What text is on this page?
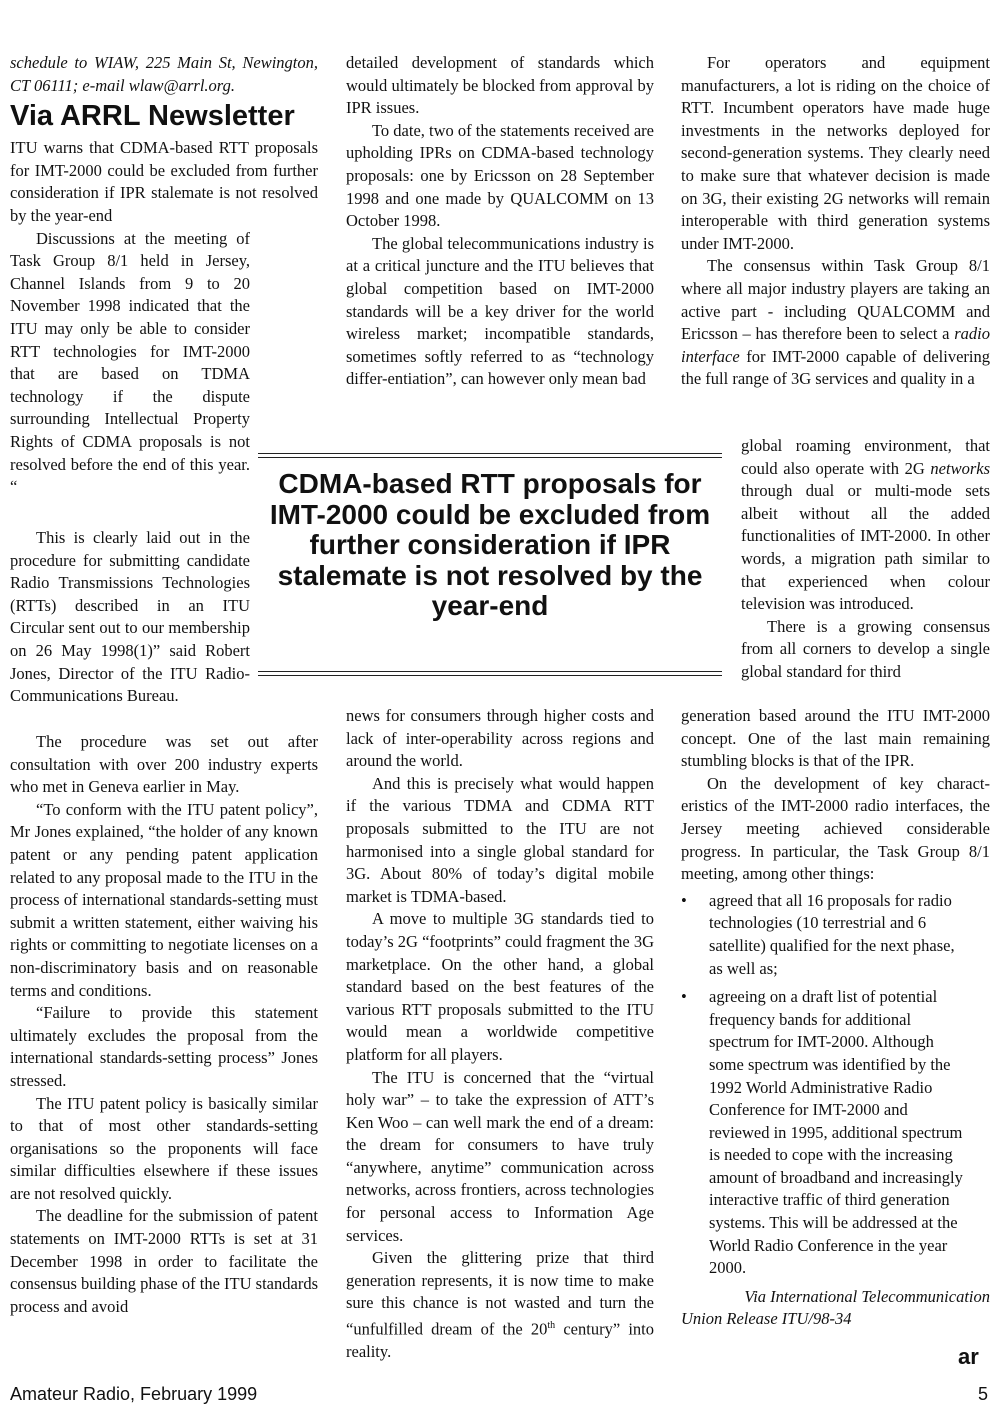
schedule to WIAW, 225 Main St, Newington, CT 06111; e-mail wlaw@arrl.org.

Via ARRL Newsletter

ITU warns that CDMA-based RTT proposals for IMT-2000 could be excluded from further consideration if IPR stalemate is not resolved by the year-end

Discussions at the meeting of Task Group 8/1 held in Jersey, Channel Islands from 9 to 20 November 1998 indicated that the ITU may only be able to consider RTT technologies for IMT-2000 that are based on TDMA technology if the dispute surrounding Intellectual Property Rights of CDMA proposals is not resolved before the end of this year. “	CDMA-based RTT proposals for IMT-2000 could be excluded from further consideration if IPR stalemate is not resolved by the year-end

This is clearly laid out in the procedure for submitting candidate Radio Transmissions Technologies (RTTs) described in an ITU Circular sent out to our membership on 26 May 1998(1)” said Robert Jones, Director of the ITU Radio-Communications Bureau.

The procedure was set out after consultation with over 200 industry experts who met in Geneva earlier in May.

“To conform with the ITU patent policy”, Mr Jones explained, “the holder of any known patent or any pending patent application related to any proposal made to the ITU in the process of international standards-setting must submit a written statement, either waiving his rights or committing to negotiate licenses on a non-discriminatory basis and on reasonable terms and conditions.

“Failure to provide this statement ultimately excludes the proposal from the international standards-setting process” Jones stressed.

The ITU patent policy is basically similar to that of most other standards-setting organisations so the proponents will face similar difficulties elsewhere if these issues are not resolved quickly.

The deadline for the submission of patent statements on IMT-2000 RTTs is set at 31 December 1998 in order to facilitate the consensus building phase of the ITU standards process and avoid

detailed development of standards which would ultimately be blocked from approval by IPR issues.

To date, two of the statements received are upholding IPRs on CDMA-based technology proposals: one by Ericsson on 28 September 1998 and one made by QUALCOMM on 13 October 1998.

The global telecommunications industry is at a critical juncture and the ITU believes that global competition based on IMT-2000 standards will be a key driver for the world wireless market; incompatible standards, sometimes softly referred to as “technology differ-entiation”, can however only mean bad

news for consumers through higher costs and lack of inter-operability across regions and around the world.

And this is precisely what would happen if the various TDMA and CDMA RTT proposals submitted to the ITU are not harmonised into a single global standard for 3G. About 80% of today’s digital mobile market is TDMA-based.

A move to multiple 3G standards tied to today’s 2G “footprints” could fragment the 3G marketplace. On the other hand, a global standard based on the best features of the various RTT proposals submitted to the ITU would mean a worldwide competitive platform for all players.

The ITU is concerned that the “virtual holy war” – to take the expression of ATT’s Ken Woo – can well mark the end of a dream: the dream for consumers to have truly “anywhere, anytime” communication across networks, across frontiers, across technologies for personal access to Information Age services.

Given the glittering prize that third generation represents, it is now time to make sure this chance is not wasted and turn the “unfulfilled dream of the 20th century” into reality.

For operators and equipment manufacturers, a lot is riding on the choice of RTT. Incumbent operators have made huge investments in the networks deployed for second-generation systems. They clearly need to make sure that whatever decision is made on 3G, their existing 2G networks will remain interoperable with third generation systems under IMT-2000.

The consensus within Task Group 8/1 where all major industry players are taking an active part - including QUALCOMM and Ericsson – has therefore been to select a radio interface for IMT-2000 capable of delivering the full range of 3G services and quality in a

global roaming environment, that could also operate with 2G networks through dual or multi-mode sets albeit without all the added functionalities of IMT-2000. In other words, a migration path similar to that experienced when colour television was introduced.

There is a growing consensus from all corners to develop a single global standard for third

generation based around the ITU IMT-2000 concept. One of the last main remaining stumbling blocks is that of the IPR.

On the development of key charact-eristics of the IMT-2000 radio interfaces, the Jersey meeting achieved considerable progress. In particular, the Task Group 8/1 meeting, among other things:

• agreed that all 16 proposals for radio technologies (10 terrestrial and 6 satellite) qualified for the next phase, as well as;
• agreeing on a draft list of potential frequency bands for additional spectrum for IMT-2000. Although some spectrum was identified by the 1992 World Administrative Radio Conference for IMT-2000 and reviewed in 1995, additional spectrum is needed to cope with the increasing amount of broadband and increasingly interactive traffic of third generation systems. This will be addressed at the World Radio Conference in the year 2000.

Via International Telecommunication

Union Release ITU/98-34

ar
Amateur Radio, February 1999	5
